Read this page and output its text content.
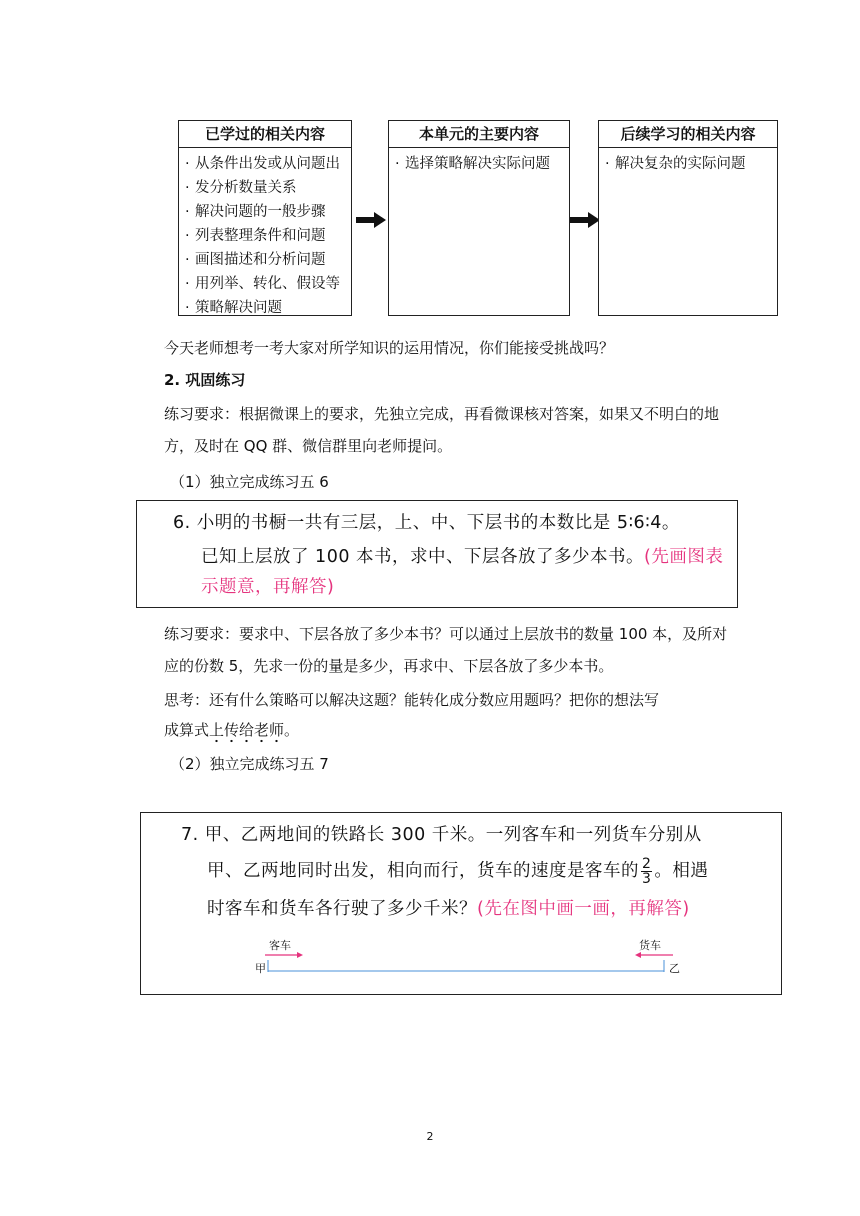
已学过的相关内容
· 从条件出发或从问题出
· 发分析数量关系
· 解决问题的一般步骤
· 列表整理条件和问题
· 画图描述和分析问题
· 用列举、转化、假设等
· 策略解决问题
本单元的主要内容
· 选择策略解决实际问题
后续学习的相关内容
· 解决复杂的实际问题
今天老师想考一考大家对所学知识的运用情况，你们能接受挑战吗？
2. 巩固练习
练习要求：根据微课上的要求，先独立完成，再看微课核对答案，如果又不明白的地方，及时在 QQ 群、微信群里向老师提问。
（1）独立完成练习五 6
6. 小明的书橱一共有三层，上、中、下层书的本数比是 5∶6∶4。
已知上层放了 100 本书，求中、下层各放了多少本书。(先画图表
示题意，再解答)
练习要求：要求中、下层各放了多少本书？可以通过上层放书的数量 100 本，及所对应的份数 5，先求一份的量是多少，再求中、下层各放了多少本书。
思考：还有什么策略可以解决这题？能转化成分数应用题吗？把你的想法写
成算式上传给老师。
（2）独立完成练习五 7
7. 甲、乙两地间的铁路长 300 千米。一列客车和一列货车分别从
甲、乙两地同时出发，相向而行，货车的速度是客车的 $\frac{2}{3}$ 。相遇
时客车和货车各行驶了多少千米？(先在图中画一画，再解答)
客车	货车
甲	乙
2
